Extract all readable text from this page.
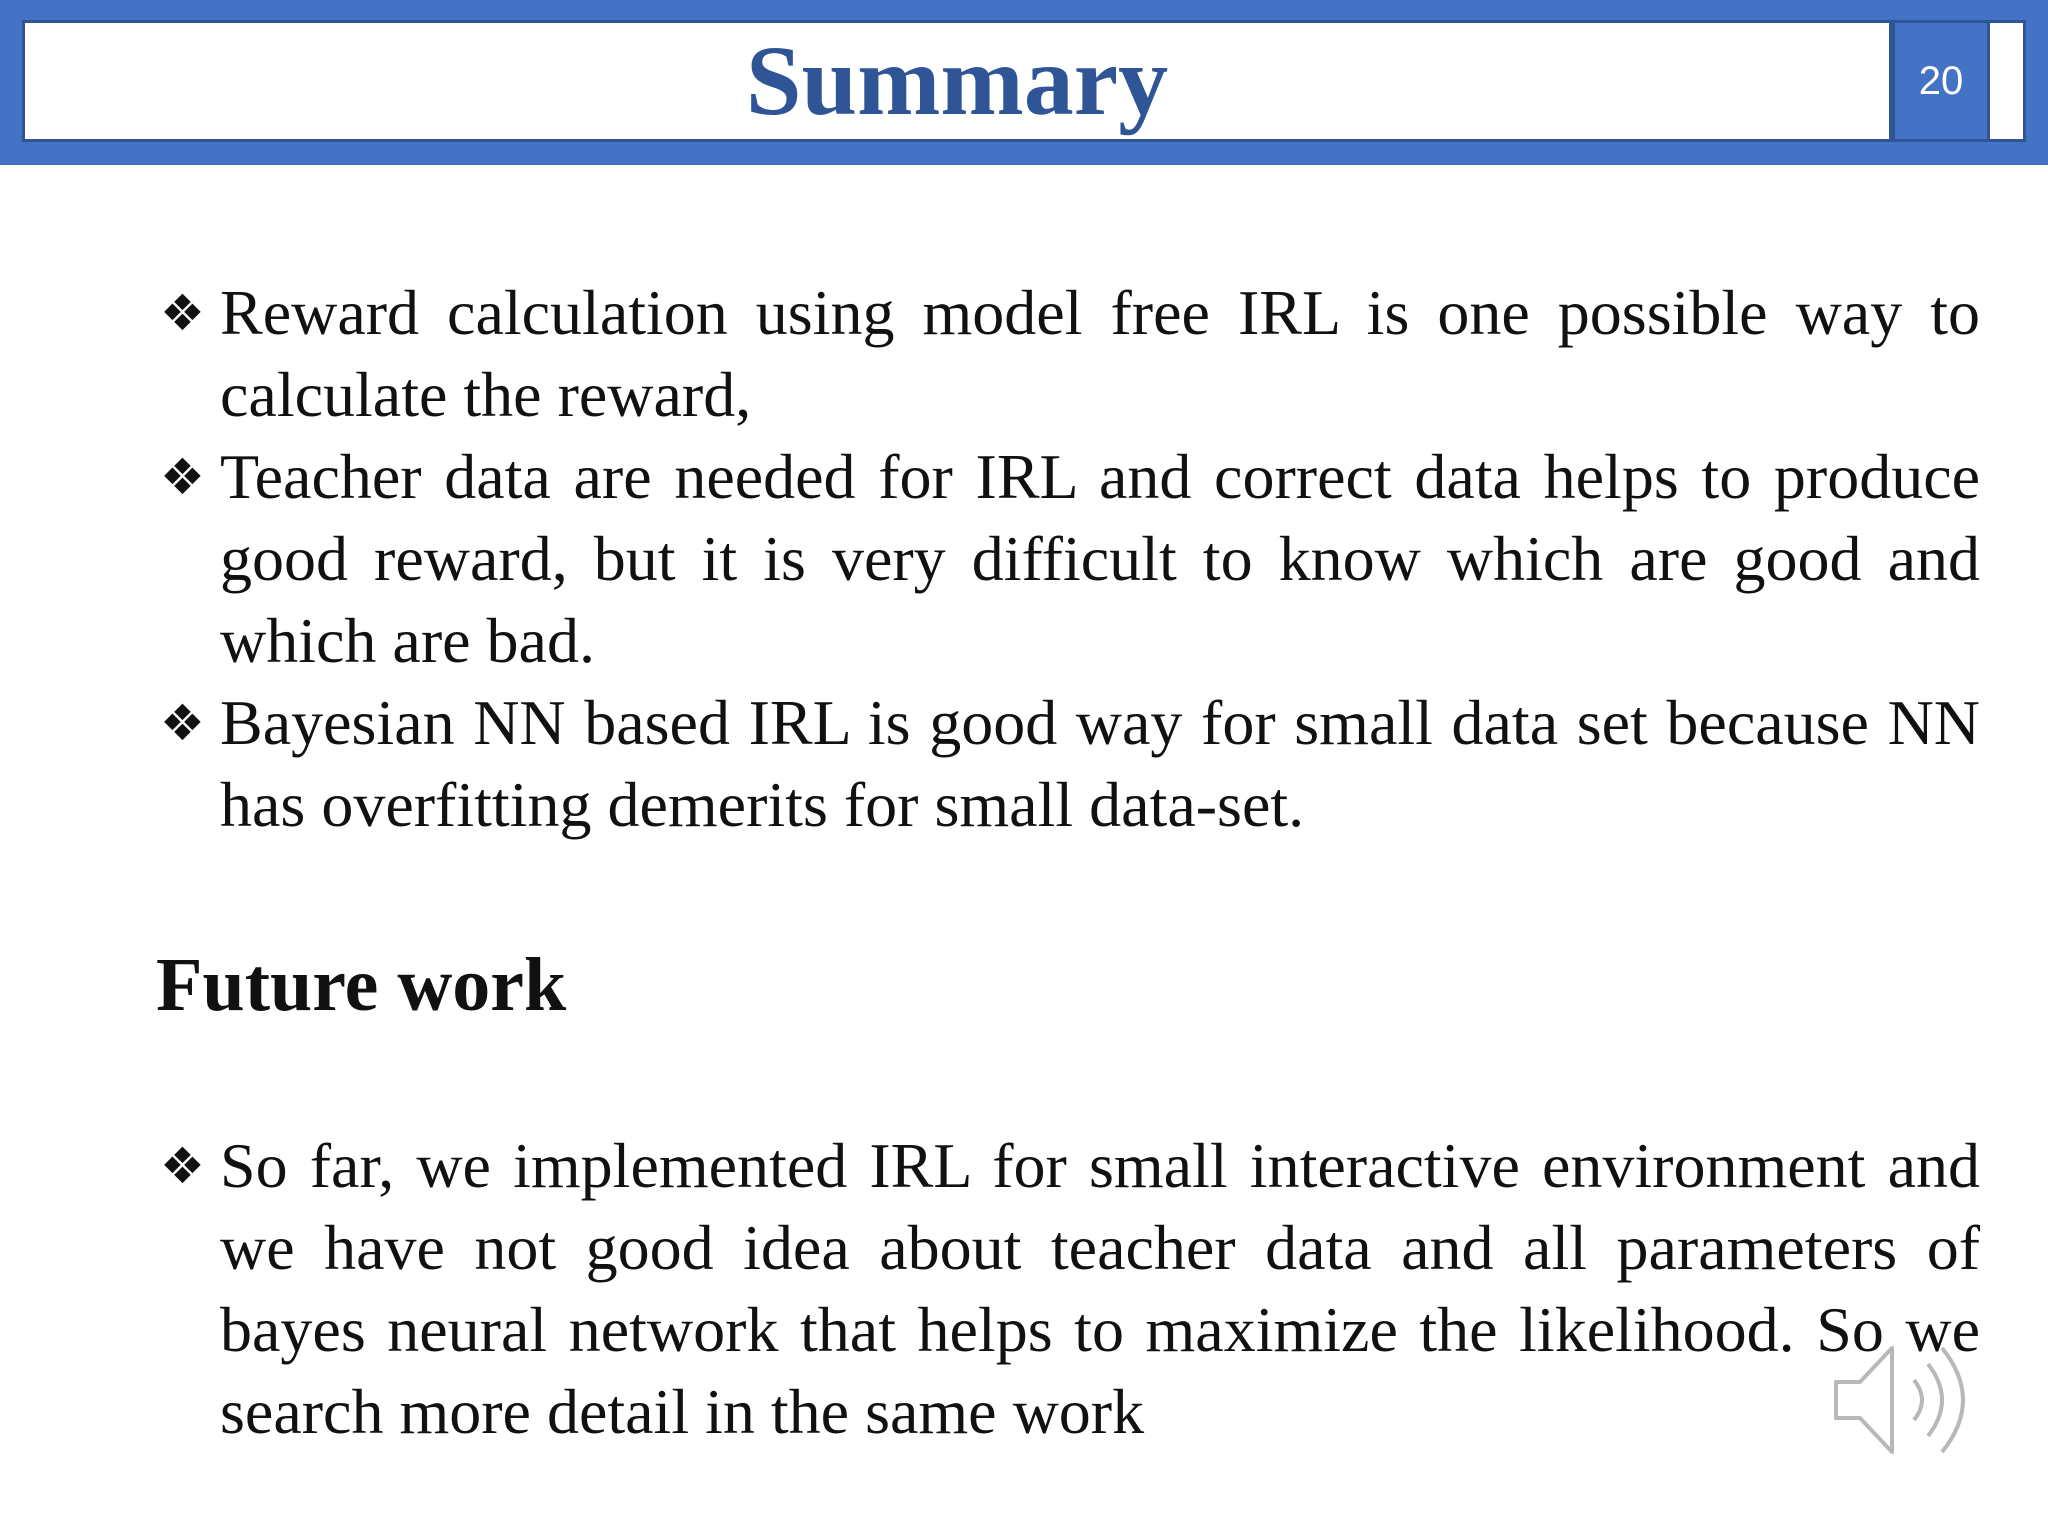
Summary	20
❖ Reward calculation using model free IRL is one possible way to calculate the reward,
❖ Teacher data are needed for IRL and correct data helps to produce good reward, but it is very difficult to know which are good and which are bad.
❖ Bayesian NN based IRL is good way for small data set because NN has overfitting demerits for small data-set.
Future work
❖ So far, we implemented IRL for small interactive environment and we have not good idea about teacher data and all parameters of bayes neural network that helps to maximize the likelihood. So we search more detail in the same work
